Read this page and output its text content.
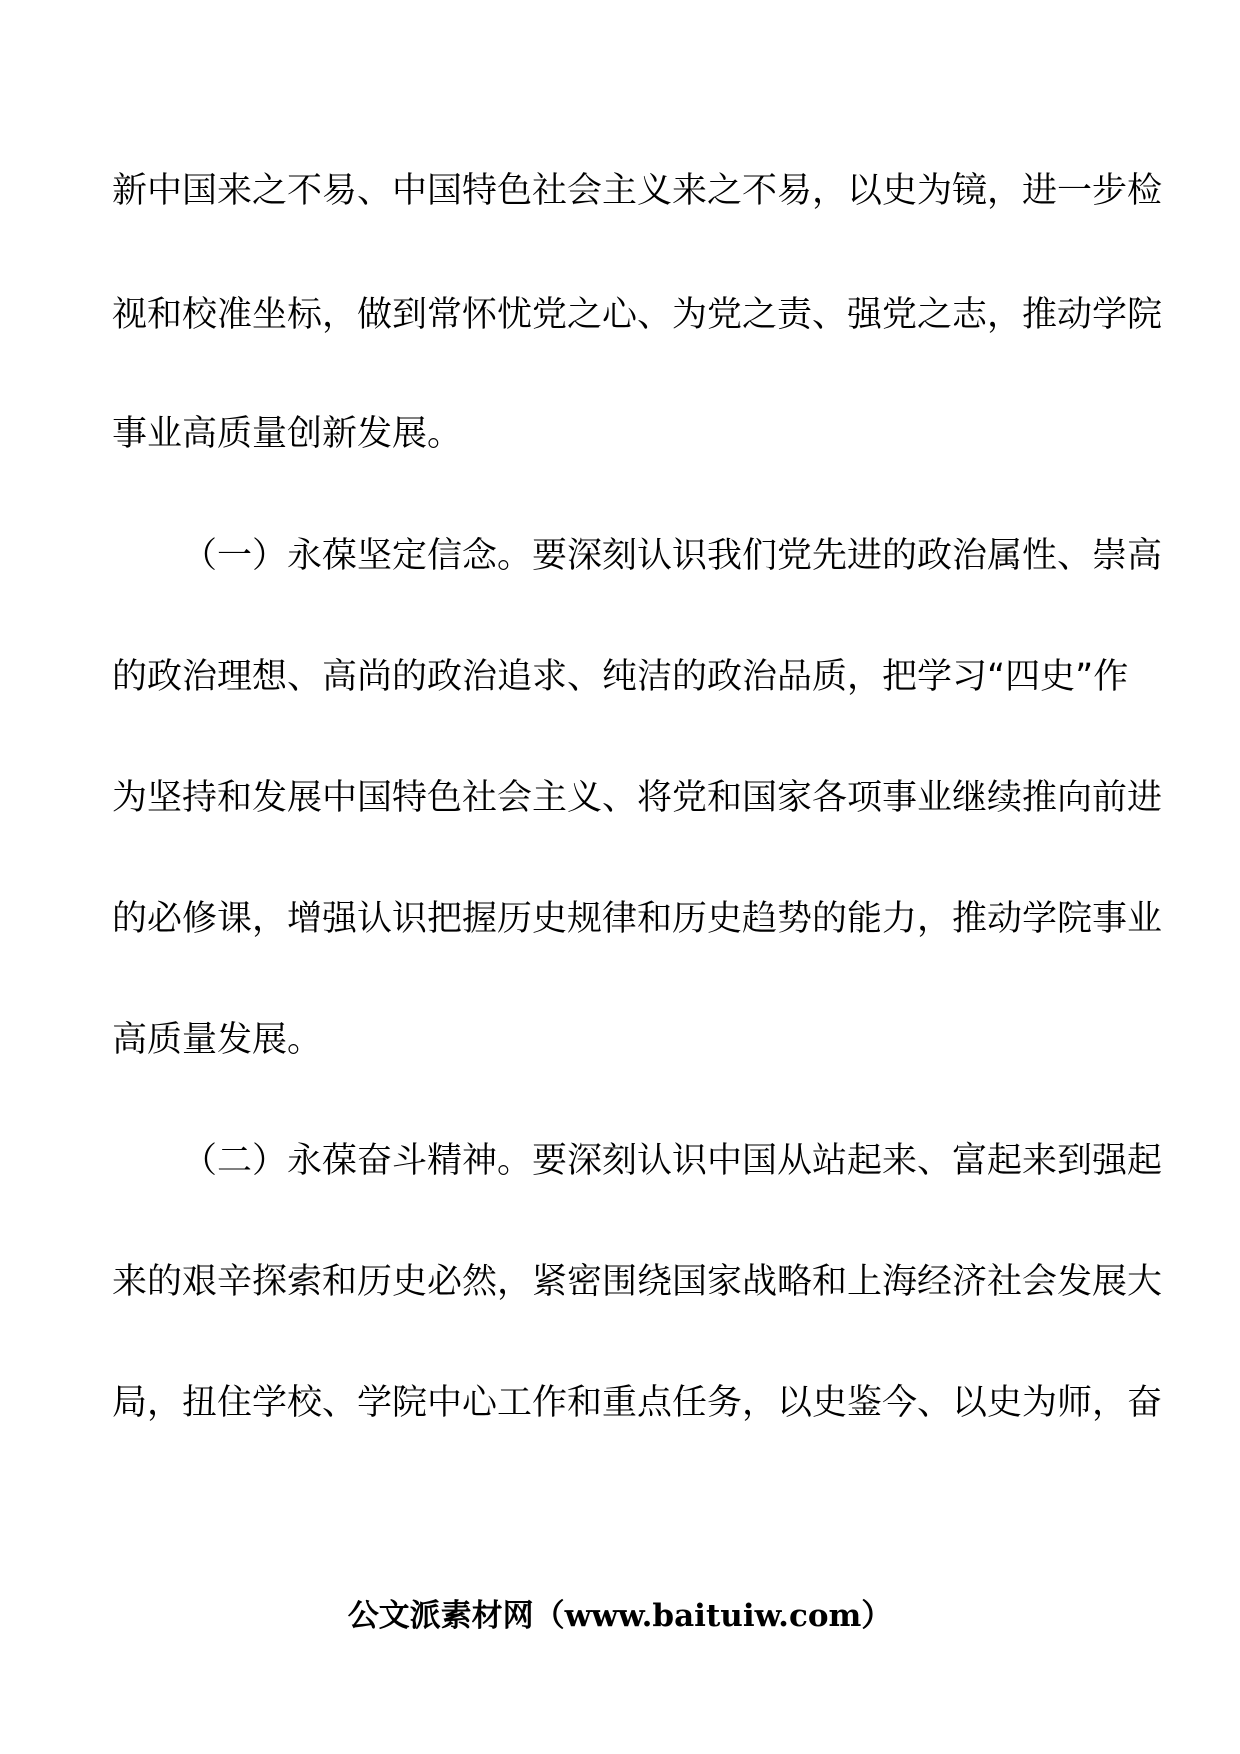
新中国来之不易、中国特色社会主义来之不易，以史为镜，进一步检
视和校准坐标，做到常怀忧党之心、为党之责、强党之志，推动学院
事业高质量创新发展。
（一）永葆坚定信念。要深刻认识我们党先进的政治属性、崇高
的政治理想、高尚的政治追求、纯洁的政治品质，把学习“四史”作
为坚持和发展中国特色社会主义、将党和国家各项事业继续推向前进
的必修课，增强认识把握历史规律和历史趋势的能力，推动学院事业
高质量发展。
（二）永葆奋斗精神。要深刻认识中国从站起来、富起来到强起
来的艰辛探索和历史必然，紧密围绕国家战略和上海经济社会发展大
局，扭住学校、学院中心工作和重点任务，以史鉴今、以史为师，奋
公文派素材网（www.baituiw.com）
